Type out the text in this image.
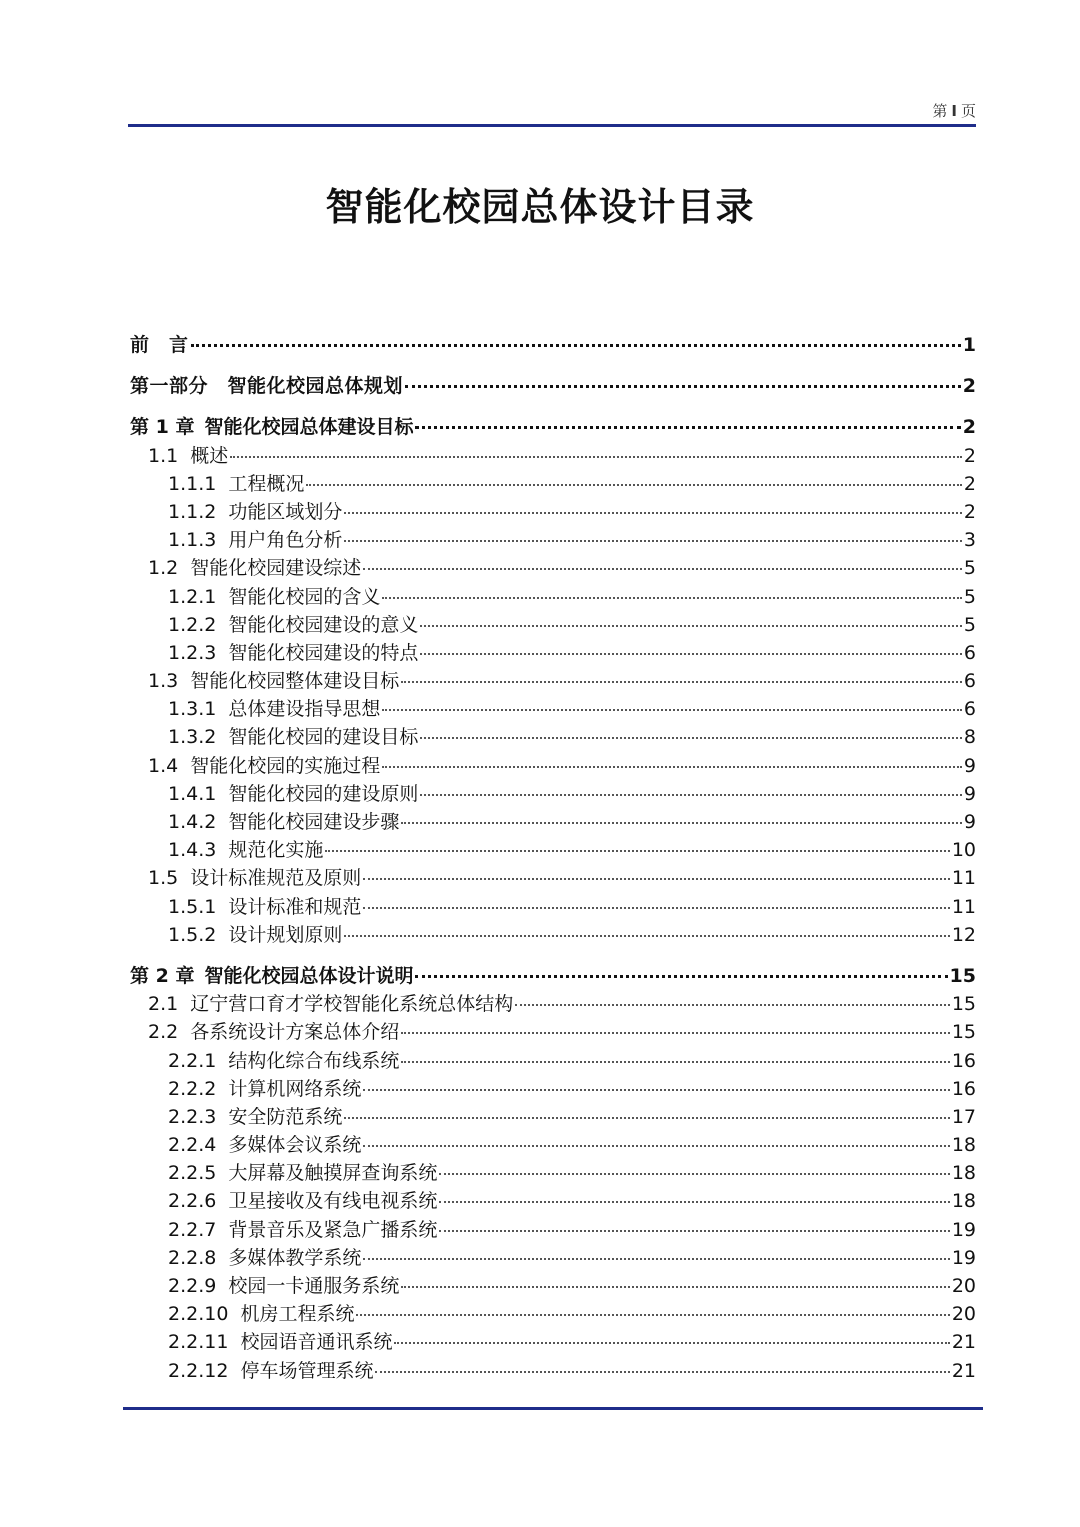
第 I 页
智能化校园总体设计目录
前　言	1
第一部分　智能化校园总体规划	2
第 1 章 智能化校园总体建设目标	2
1.1 概述	2
1.1.1 工程概况	2
1.1.2 功能区域划分	2
1.1.3 用户角色分析	3
1.2 智能化校园建设综述	5
1.2.1 智能化校园的含义	5
1.2.2 智能化校园建设的意义	5
1.2.3 智能化校园建设的特点	6
1.3 智能化校园整体建设目标	6
1.3.1 总体建设指导思想	6
1.3.2 智能化校园的建设目标	8
1.4 智能化校园的实施过程	9
1.4.1 智能化校园的建设原则	9
1.4.2 智能化校园建设步骤	9
1.4.3 规范化实施	10
1.5 设计标准规范及原则	11
1.5.1 设计标准和规范	11
1.5.2 设计规划原则	12
第 2 章 智能化校园总体设计说明	15
2.1 辽宁营口育才学校智能化系统总体结构	15
2.2 各系统设计方案总体介绍	15
2.2.1 结构化综合布线系统	16
2.2.2 计算机网络系统	16
2.2.3 安全防范系统	17
2.2.4 多媒体会议系统	18
2.2.5 大屏幕及触摸屏查询系统	18
2.2.6 卫星接收及有线电视系统	18
2.2.7 背景音乐及紧急广播系统	19
2.2.8 多媒体教学系统	19
2.2.9 校园一卡通服务系统	20
2.2.10 机房工程系统	20
2.2.11 校园语音通讯系统	21
2.2.12 停车场管理系统	21
